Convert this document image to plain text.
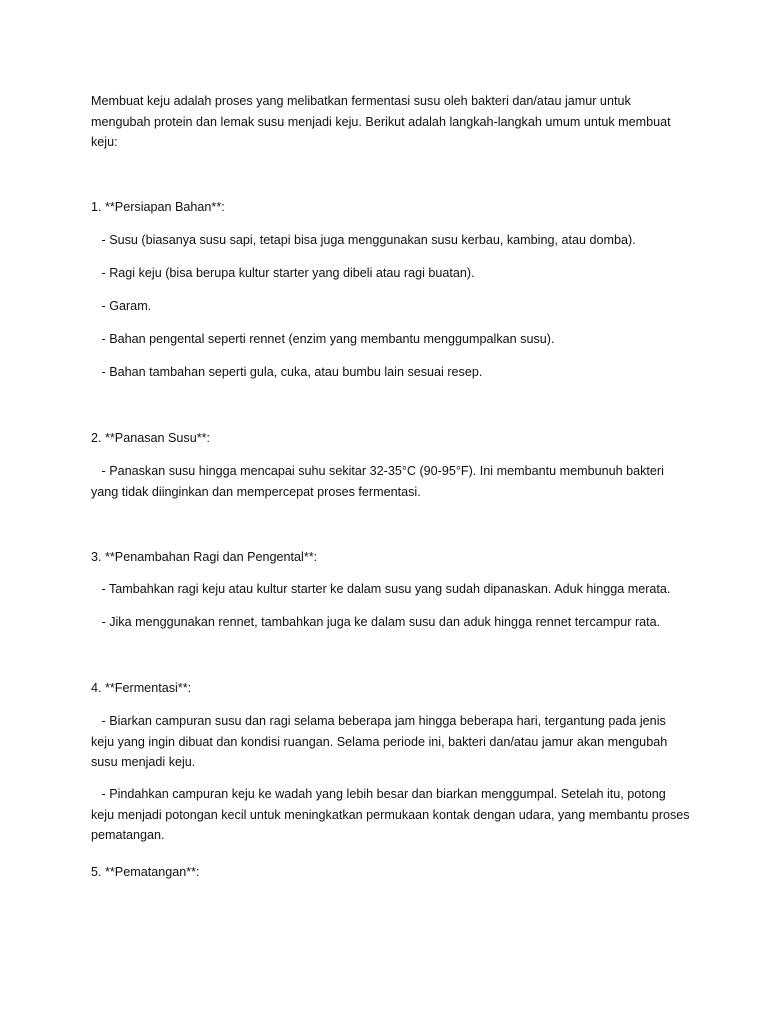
Membuat keju adalah proses yang melibatkan fermentasi susu oleh bakteri dan/atau jamur untuk mengubah protein dan lemak susu menjadi keju. Berikut adalah langkah-langkah umum untuk membuat keju:

1. **Persiapan Bahan**:

- Susu (biasanya susu sapi, tetapi bisa juga menggunakan susu kerbau, kambing, atau domba).

- Ragi keju (bisa berupa kultur starter yang dibeli atau ragi buatan).

- Garam.

- Bahan pengental seperti rennet (enzim yang membantu menggumpalkan susu).

- Bahan tambahan seperti gula, cuka, atau bumbu lain sesuai resep.

2. **Panasan Susu**:

- Panaskan susu hingga mencapai suhu sekitar 32-35°C (90-95°F). Ini membantu membunuh bakteri yang tidak diinginkan dan mempercepat proses fermentasi.

3. **Penambahan Ragi dan Pengental**:

- Tambahkan ragi keju atau kultur starter ke dalam susu yang sudah dipanaskan. Aduk hingga merata.

- Jika menggunakan rennet, tambahkan juga ke dalam susu dan aduk hingga rennet tercampur rata.

4. **Fermentasi**:

- Biarkan campuran susu dan ragi selama beberapa jam hingga beberapa hari, tergantung pada jenis keju yang ingin dibuat dan kondisi ruangan. Selama periode ini, bakteri dan/atau jamur akan mengubah susu menjadi keju.

- Pindahkan campuran keju ke wadah yang lebih besar dan biarkan menggumpal. Setelah itu, potong keju menjadi potongan kecil untuk meningkatkan permukaan kontak dengan udara, yang membantu proses pematangan.

5. **Pematangan**:
